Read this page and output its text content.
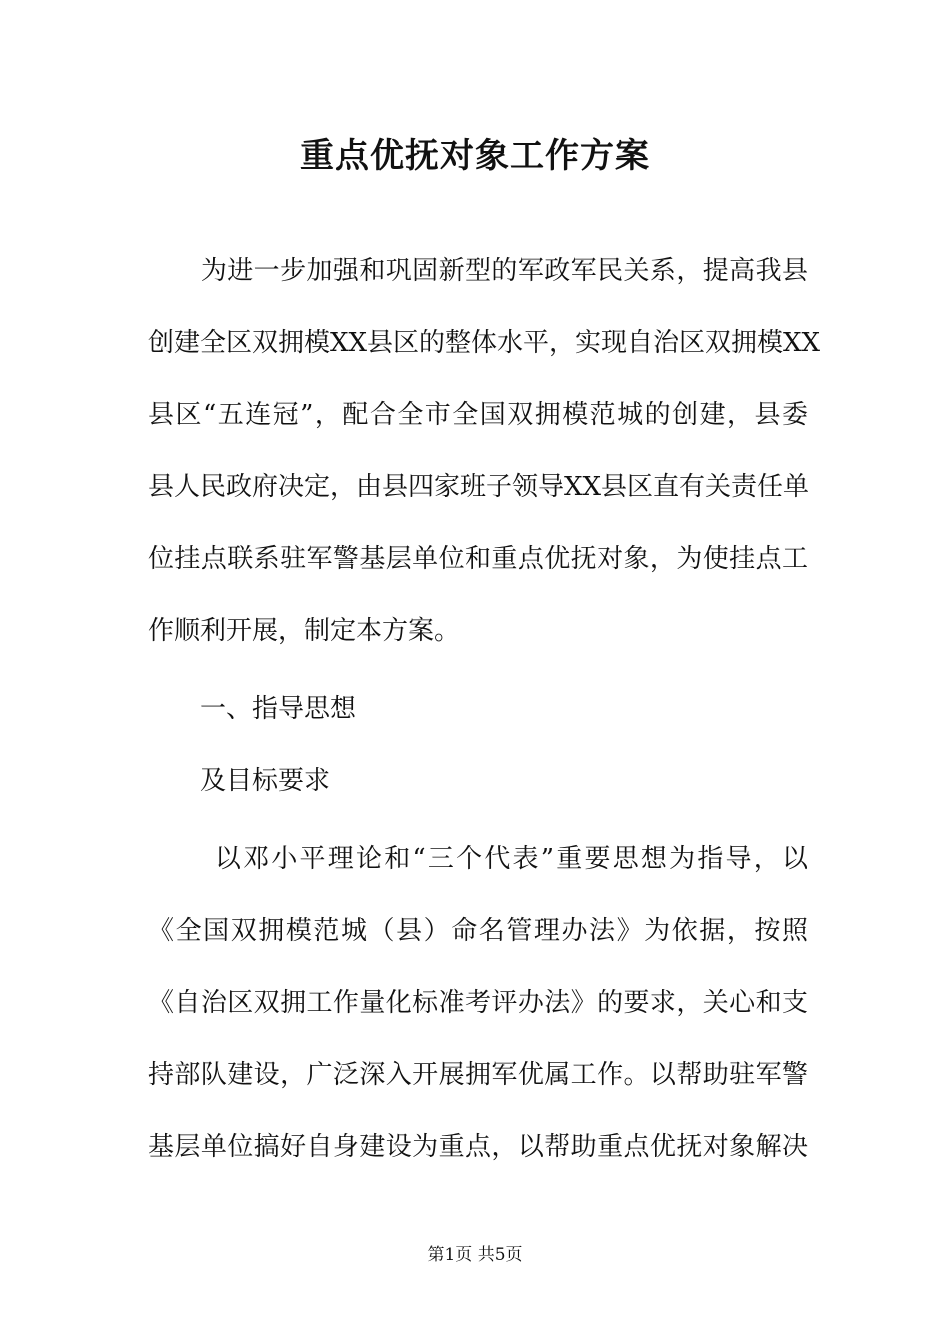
重点优抚对象工作方案

　　为进一步加强和巩固新型的军政军民关系，提高我县

创建全区双拥模XX县区的整体水平，实现自治区双拥模XX

县区“五连冠”，配合全市全国双拥模范城的创建，县委

县人民政府决定，由县四家班子领导XX县区直有关责任单

位挂点联系驻军警基层单位和重点优抚对象，为使挂点工

作顺利开展，制定本方案。

　　一、指导思想

　　及目标要求

　　 以邓小平理论和“三个代表”重要思想为指导，以

《全国双拥模范城（县）命名管理办法》为依据，按照

《自治区双拥工作量化标准考评办法》的要求，关心和支

持部队建设，广泛深入开展拥军优属工作。以帮助驻军警

基层单位搞好自身建设为重点，以帮助重点优抚对象解决

第1页 共5页
